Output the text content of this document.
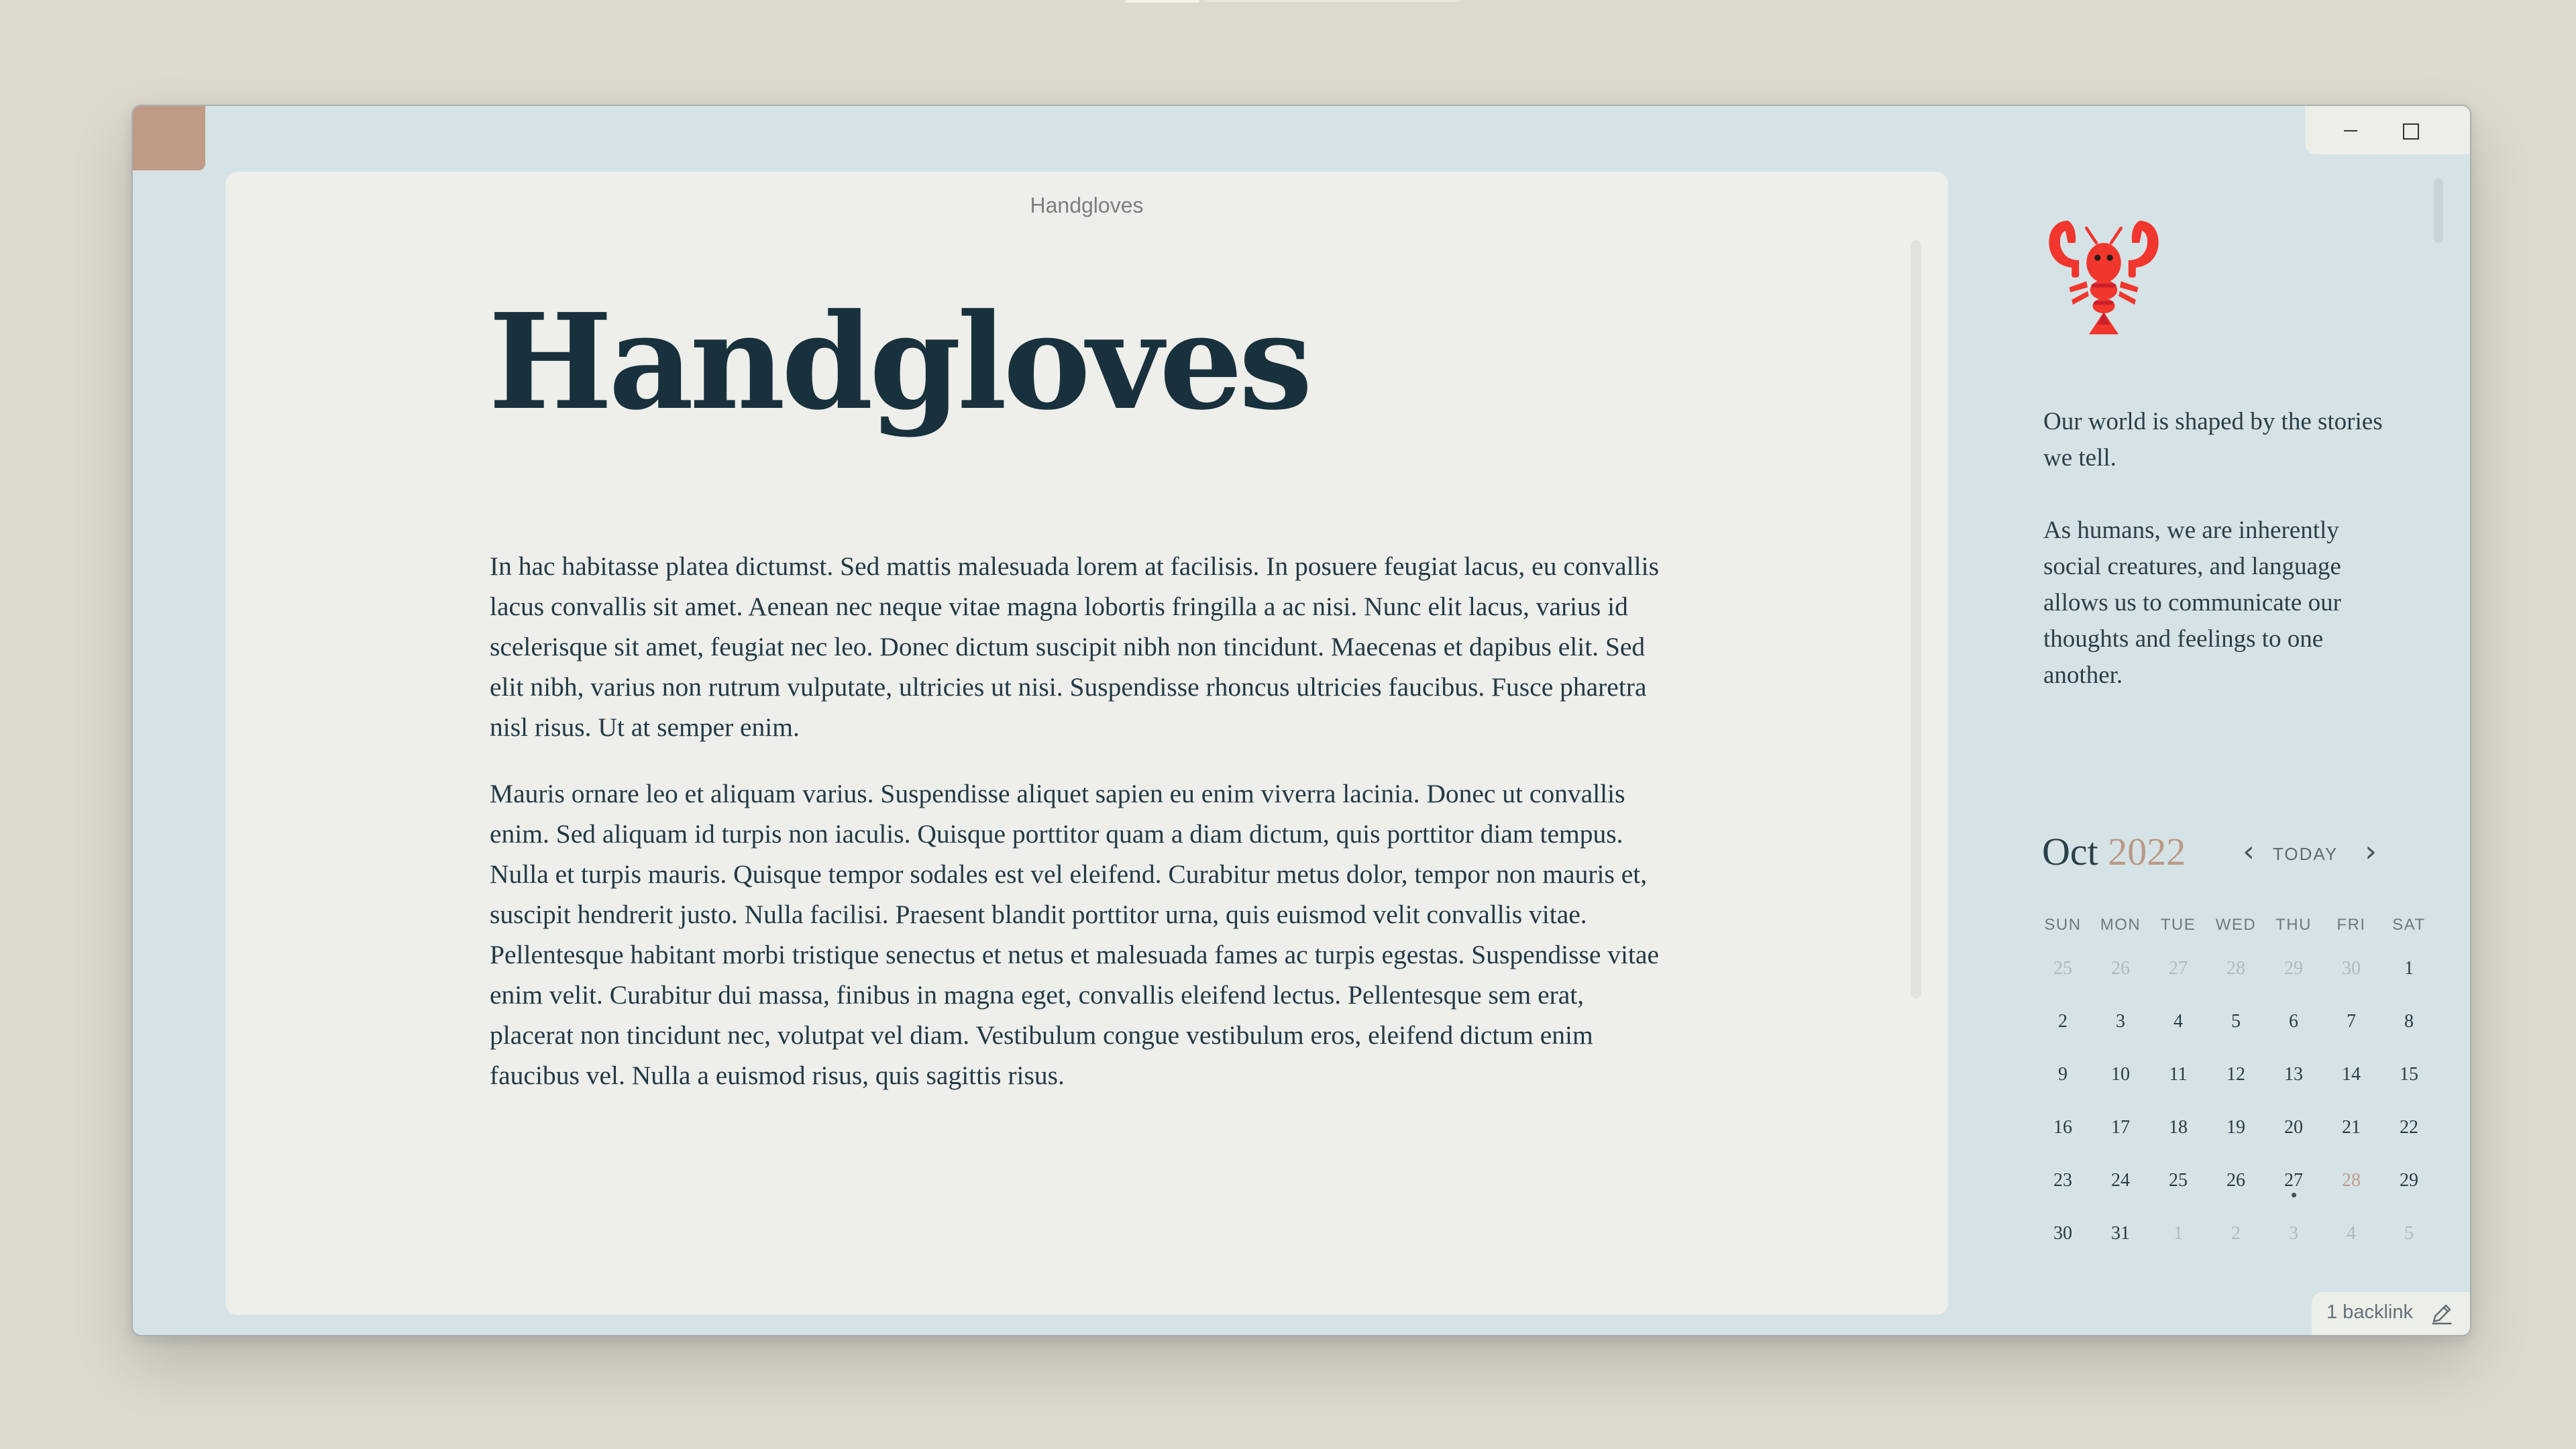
Handgloves
Handgloves

In hac habitasse platea dictumst. Sed mattis malesuada lorem at facilisis. In posuere feugiat lacus, eu convallis lacus convallis sit amet. Aenean nec neque vitae magna lobortis fringilla a ac nisi. Nunc elit lacus, varius id scelerisque sit amet, feugiat nec leo. Donec dictum suscipit nibh non tincidunt. Maecenas et dapibus elit. Sed elit nibh, varius non rutrum vulputate, ultricies ut nisi. Suspendisse rhoncus ultricies faucibus. Fusce pharetra nisl risus. Ut at semper enim.

Mauris ornare leo et aliquam varius. Suspendisse aliquet sapien eu enim viverra lacinia. Donec ut convallis enim. Sed aliquam id turpis non iaculis. Quisque porttitor quam a diam dictum, quis porttitor diam tempus. Nulla et turpis mauris. Quisque tempor sodales est vel eleifend. Curabitur metus dolor, tempor non mauris et, suscipit hendrerit justo. Nulla facilisi. Praesent blandit porttitor urna, quis euismod velit convallis vitae. Pellentesque habitant morbi tristique senectus et netus et malesuada fames ac turpis egestas. Suspendisse vitae enim velit. Curabitur dui massa, finibus in magna eget, convallis eleifend lectus. Pellentesque sem erat, placerat non tincidunt nec, volutpat vel diam. Vestibulum congue vestibulum eros, eleifend dictum enim faucibus vel. Nulla a euismod risus, quis sagittis risus.

Our world is shaped by the stories we tell.

As humans, we are inherently social creatures, and language allows us to communicate our thoughts and feelings to one another.

Oct 2022 ‹ TODAY ›
SUN	MON	TUE	WED	THU	FRI	SAT
25	26	27	28	29	30	1
2	3	4	5	6	7	8
9	10	11	12	13	14	15
16	17	18	19	20	21	22
23	24	25	26	27	28	29
30	31	1	2	3	4	5
1 backlink
